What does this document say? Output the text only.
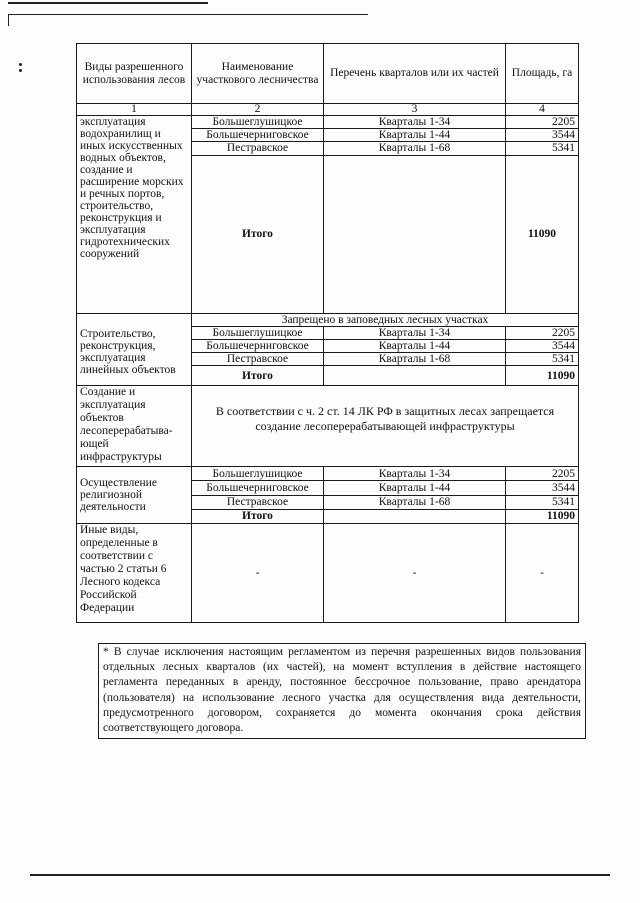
Виды разрешенного использования лесов	Наименование участкового лесничества	Перечень кварталов или их частей	Площадь, га
1	2	3	4
эксплуатация водохранилищ и иных искусственных водных объектов, создание и расширение морских и речных портов, строительство, реконструкция и эксплуатация гидротехнических сооружений	Большеглушицкое	Кварталы 1-34	2205
	Большечерниговское	Кварталы 1-44	3544
	Пестравское	Кварталы 1-68	5341
	Итого		11090
Строительство, реконструкция, эксплуатация линейных объектов	Запрещено в заповедных лесных участках		
	Большеглушицкое	Кварталы 1-34	2205
	Большечерниговское	Кварталы 1-44	3544
	Пестравское	Кварталы 1-68	5341
	Итого		11090
Создание и эксплуатация объектов лесоперерабатыва-ющей инфраструктуры	В соответствии с ч. 2 ст. 14 ЛК РФ в защитных лесах запрещается создание лесоперерабатывающей инфраструктуры		
Осуществление религиозной деятельности	Большеглушицкое	Кварталы 1-34	2205
	Большечерниговское	Кварталы 1-44	3544
	Пестравское	Кварталы 1-68	5341
	Итого		11090
Иные виды, определенные в соответствии с частью 2 статьи 6 Лесного кодекса Российской Федерации	-	-	-
* В случае исключения настоящим регламентом из перечня разрешенных видов пользования отдельных лесных кварталов (их частей), на момент вступления в действие настоящего регламента переданных в аренду, постоянное бессрочное пользование, право арендатора (пользователя) на использование лесного участка для осуществления вида деятельности, предусмотренного договором, сохраняется до момента окончания срока действия соответствующего договора.
